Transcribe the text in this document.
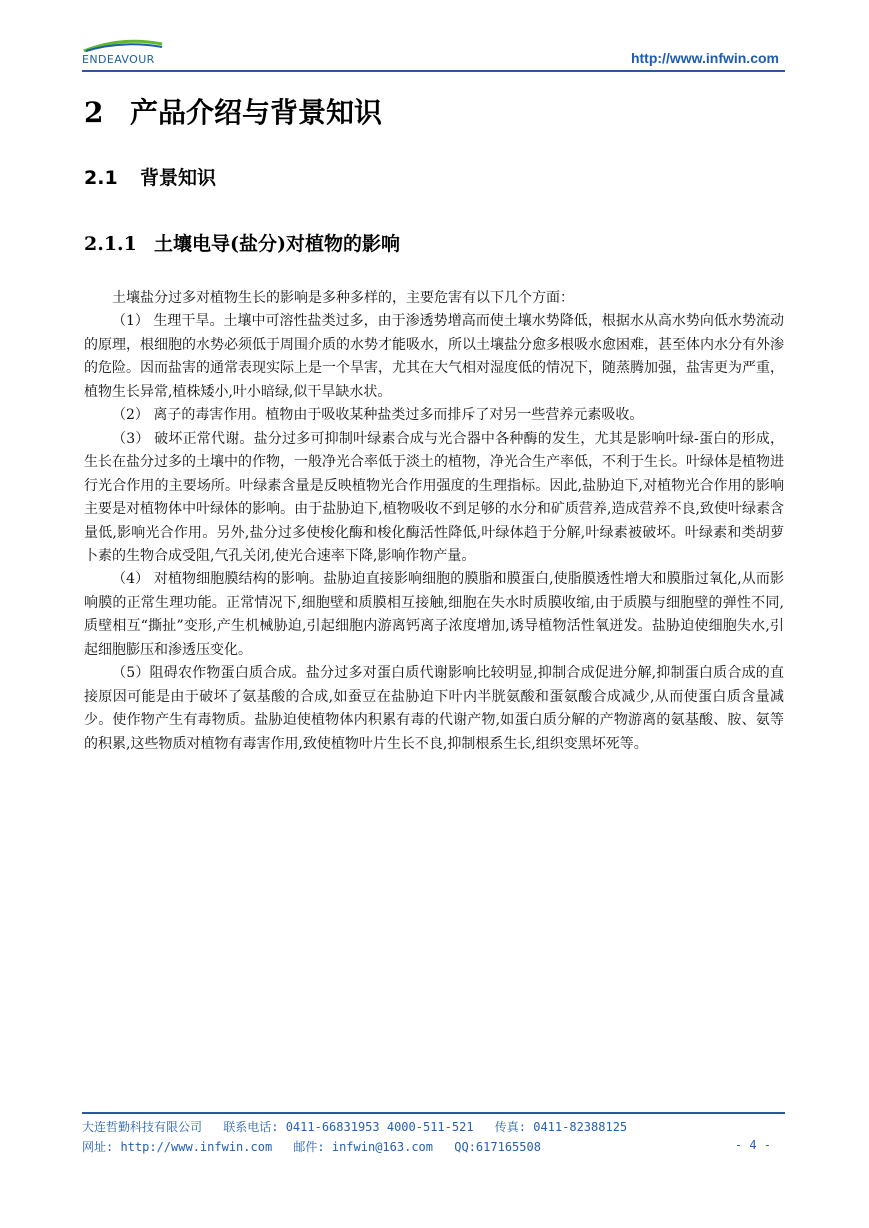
ENDEAVOUR	http://www.infwin.com
2 产品介绍与背景知识
2.1 背景知识
2.1.1 土壤电导(盐分)对植物的影响

土壤盐分过多对植物生长的影响是多种多样的，主要危害有以下几个方面：

（1） 生理干旱。土壤中可溶性盐类过多，由于渗透势增高而使土壤水势降低，根据水从高水势向低水势流动的原理，根细胞的水势必须低于周围介质的水势才能吸水，所以土壤盐分愈多根吸水愈困难，甚至体内水分有外渗的危险。因而盐害的通常表现实际上是一个旱害，尤其在大气相对湿度低的情况下，随蒸腾加强，盐害更为严重，植物生长异常,植株矮小,叶小暗绿,似干旱缺水状。

（2） 离子的毒害作用。植物由于吸收某种盐类过多而排斥了对另一些营养元素吸收。

（3） 破坏正常代谢。盐分过多可抑制叶绿素合成与光合器中各种酶的发生，尤其是影响叶绿-蛋白的形成，生长在盐分过多的土壤中的作物，一般净光合率低于淡土的植物，净光合生产率低，不利于生长。叶绿体是植物进行光合作用的主要场所。叶绿素含量是反映植物光合作用强度的生理指标。因此,盐胁迫下,对植物光合作用的影响主要是对植物体中叶绿体的影响。由于盐胁迫下,植物吸收不到足够的水分和矿质营养,造成营养不良,致使叶绿素含量低,影响光合作用。另外,盐分过多使梭化酶和梭化酶活性降低,叶绿体趋于分解,叶绿素被破坏。叶绿素和类胡萝卜素的生物合成受阻,气孔关闭,使光合速率下降,影响作物产量。

（4） 对植物细胞膜结构的影响。盐胁迫直接影响细胞的膜脂和膜蛋白,使脂膜透性增大和膜脂过氧化,从而影响膜的正常生理功能。正常情况下,细胞壁和质膜相互接触,细胞在失水时质膜收缩,由于质膜与细胞壁的弹性不同,质壁相互“撕扯”变形,产生机械胁迫,引起细胞内游离钙离子浓度增加,诱导植物活性氧迸发。盐胁迫使细胞失水,引起细胞膨压和渗透压变化。

（5）阻碍农作物蛋白质合成。盐分过多对蛋白质代谢影响比较明显,抑制合成促进分解,抑制蛋白质合成的直接原因可能是由于破坏了氨基酸的合成,如蚕豆在盐胁迫下叶内半胱氨酸和蛋氨酸合成减少,从而使蛋白质含量减少。使作物产生有毒物质。盐胁迫使植物体内积累有毒的代谢产物,如蛋白质分解的产物游离的氨基酸、胺、氨等的积累,这些物质对植物有毒害作用,致使植物叶片生长不良,抑制根系生长,组织变黑坏死等。

大连哲勤科技有限公司 联系电话: 0411-66831953 4000-511-521 传真: 0411-82388125
网址: http://www.infwin.com 邮件: infwin@163.com QQ:617165508	- 4 -
